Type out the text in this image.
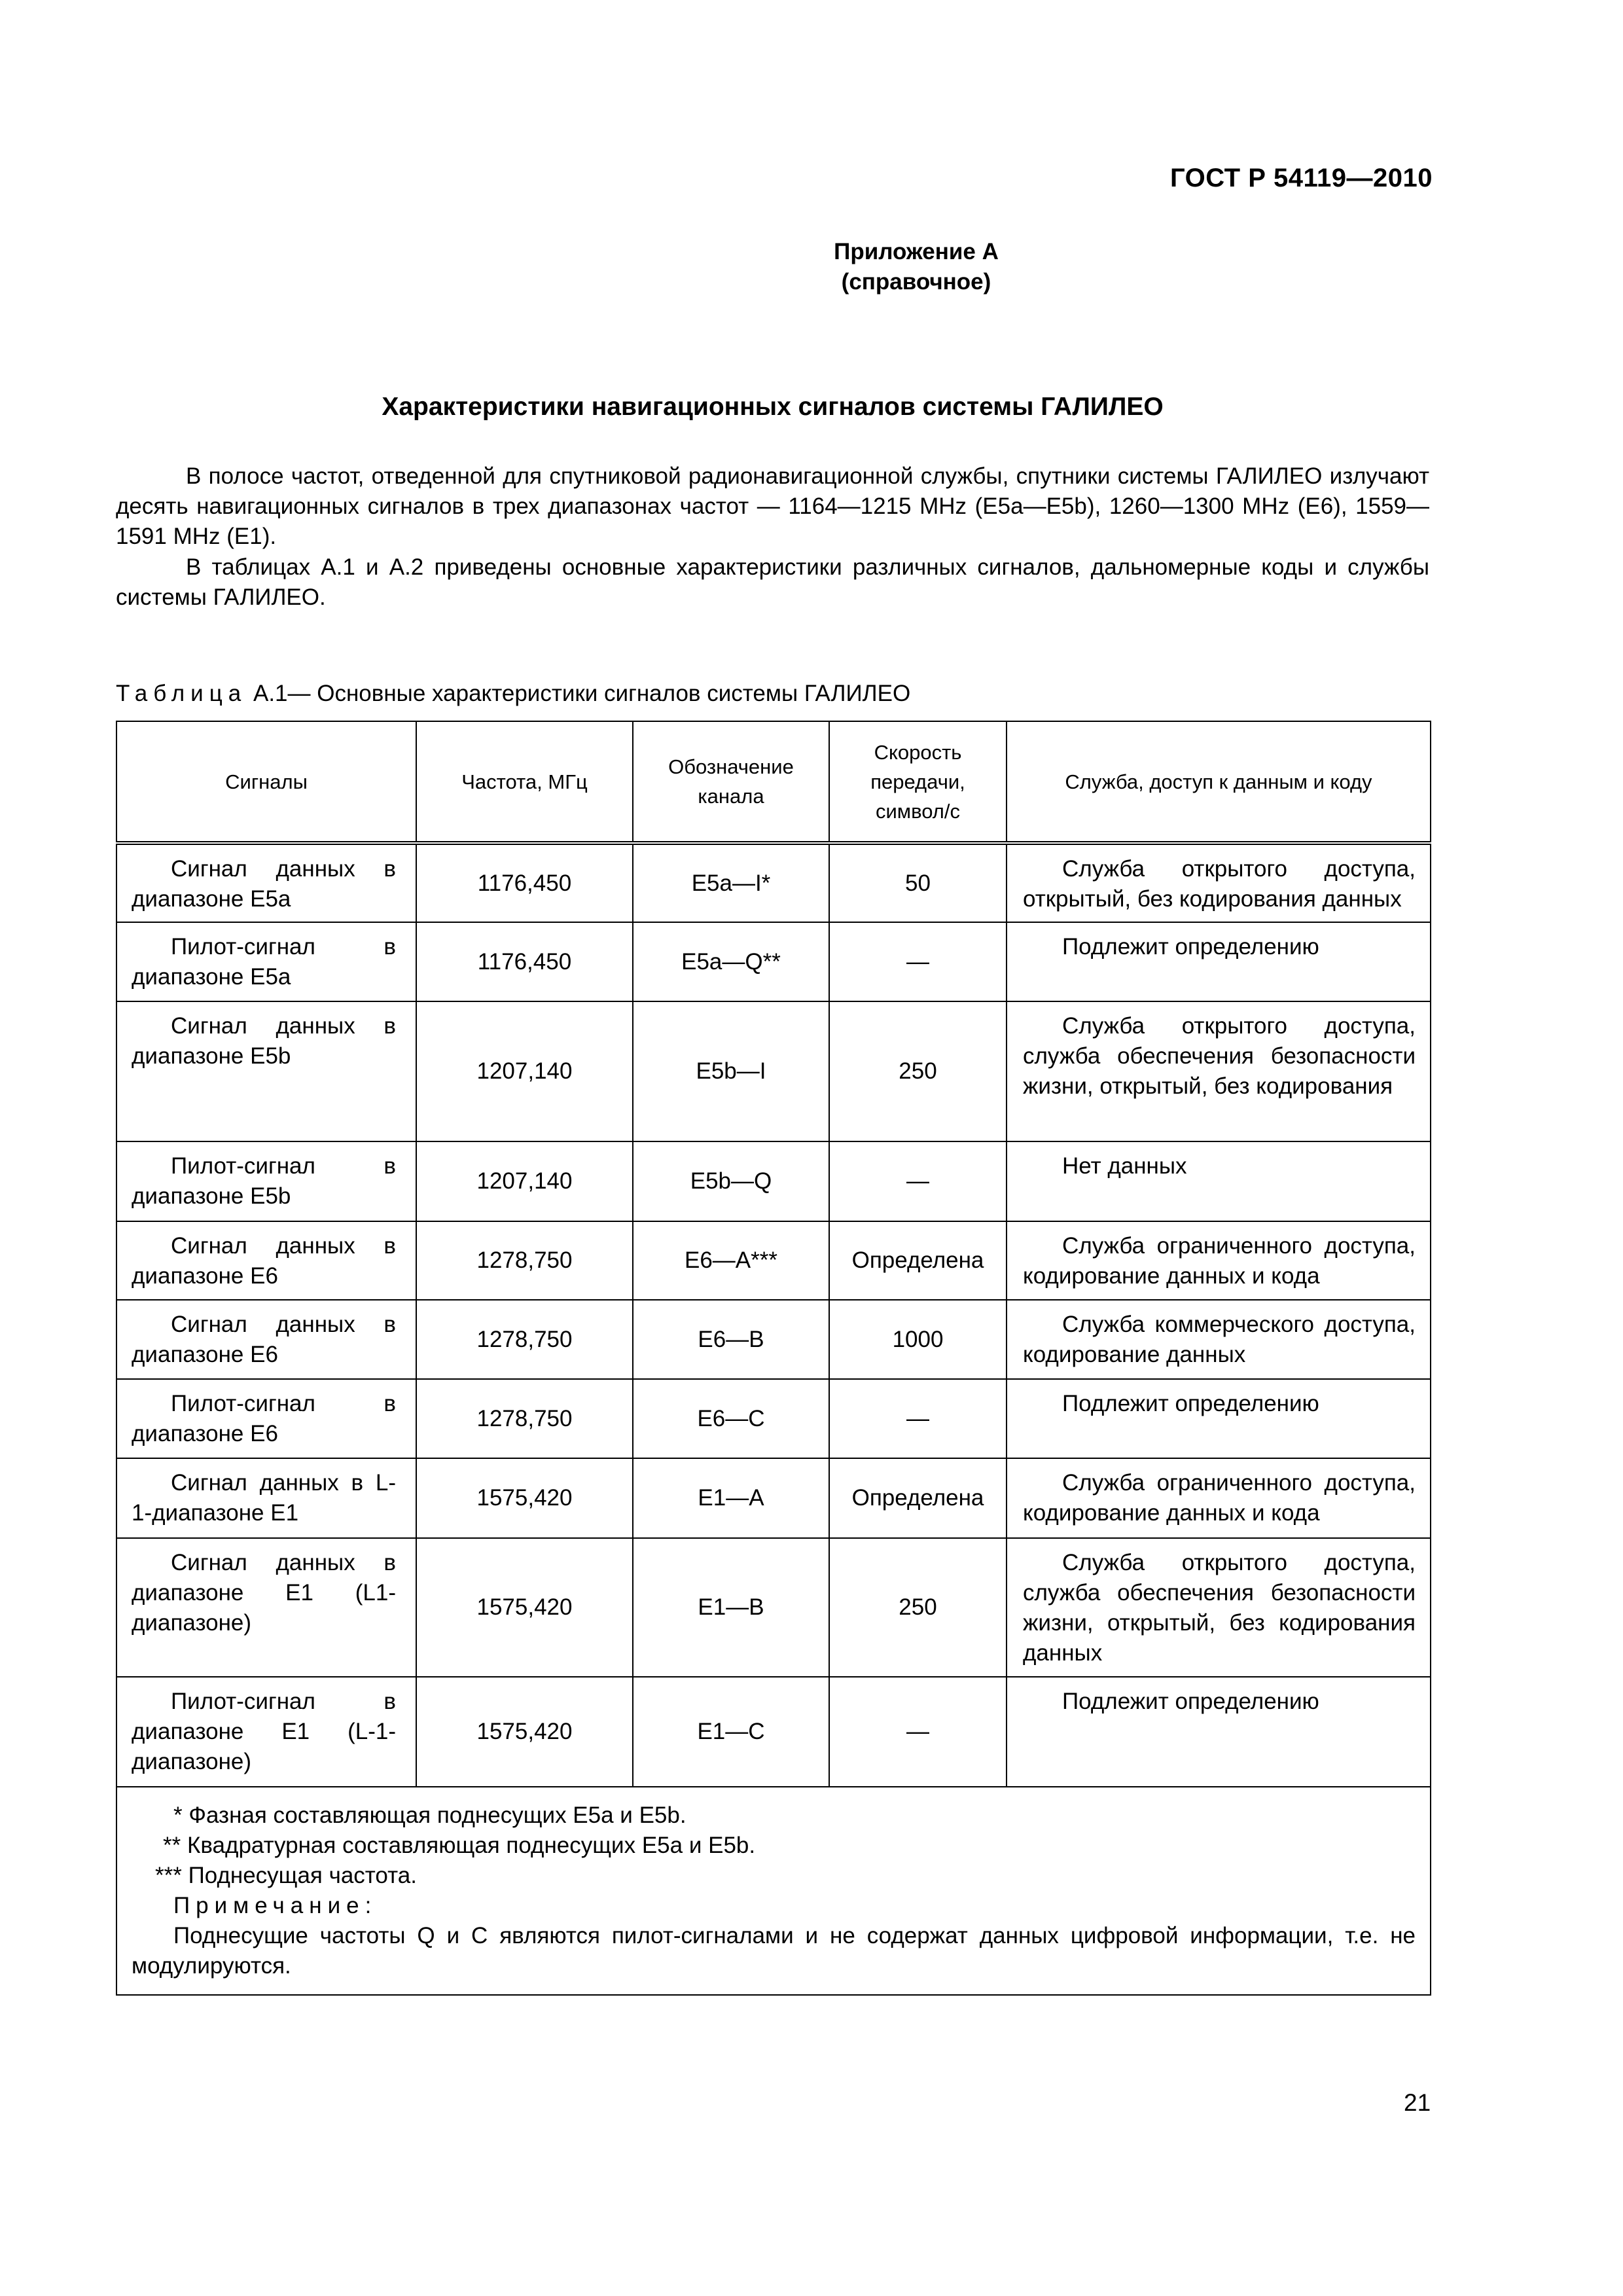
ГОСТ Р 54119—2010
Приложение А
(справочное)
Характеристики навигационных сигналов системы ГАЛИЛЕО
В полосе частот, отведенной для спутниковой радионавигационной службы, спутники системы ГАЛИЛЕО излучают десять навигационных сигналов в трех диапазонах частот — 1164—1215 MHz (E5a—E5b), 1260—1300 MHz (E6), 1559—1591 MHz (E1).
В таблицах А.1 и А.2 приведены основные характеристики различных сигналов, дальномерные коды и службы системы ГАЛИЛЕО.
Таблица А.1— Основные характеристики сигналов системы ГАЛИЛЕО
Сигналы	Частота, МГц	Обозначение канала	Скорость передачи, символ/с	Служба, доступ к данным и коду
Сигнал данных в диапазоне E5a	1176,450	E5a—I*	50	Служба открытого доступа, открытый, без кодирования данных
Пилот-сигнал в диапазоне E5a	1176,450	E5a—Q**	—	Подлежит определению
Сигнал данных в диапазоне E5b	1207,140	E5b—I	250	Служба открытого доступа, служба обеспечения безопасности жизни, открытый, без кодирования
Пилот-сигнал в диапазоне E5b	1207,140	E5b—Q	—	Нет данных
Сигнал данных в диапазоне E6	1278,750	E6—A***	Определена	Служба ограниченного доступа, кодирование данных и кода
Сигнал данных в диапазоне E6	1278,750	E6—B	1000	Служба коммерческого доступа, кодирование данных
Пилот-сигнал в диапазоне E6	1278,750	E6—C	—	Подлежит определению
Сигнал данных в L-1-диапазоне E1	1575,420	E1—A	Определена	Служба ограниченного доступа, кодирование данных и кода
Сигнал данных в диапазоне E1 (L1-диапазоне)	1575,420	E1—B	250	Служба открытого доступа, служба обеспечения безопасности жизни, открытый, без кодирования данных
Пилот-сигнал в диапазоне E1 (L-1-диапазоне)	1575,420	E1—C	—	Подлежит определению

* Фазная составляющая поднесущих E5a и E5b.
** Квадратурная составляющая поднесущих E5a и E5b.
*** Поднесущая частота.
Примечание:
Поднесущие частоты Q и C являются пилот-сигналами и не содержат данных цифровой информации, т.е. не модулируются.				
21
